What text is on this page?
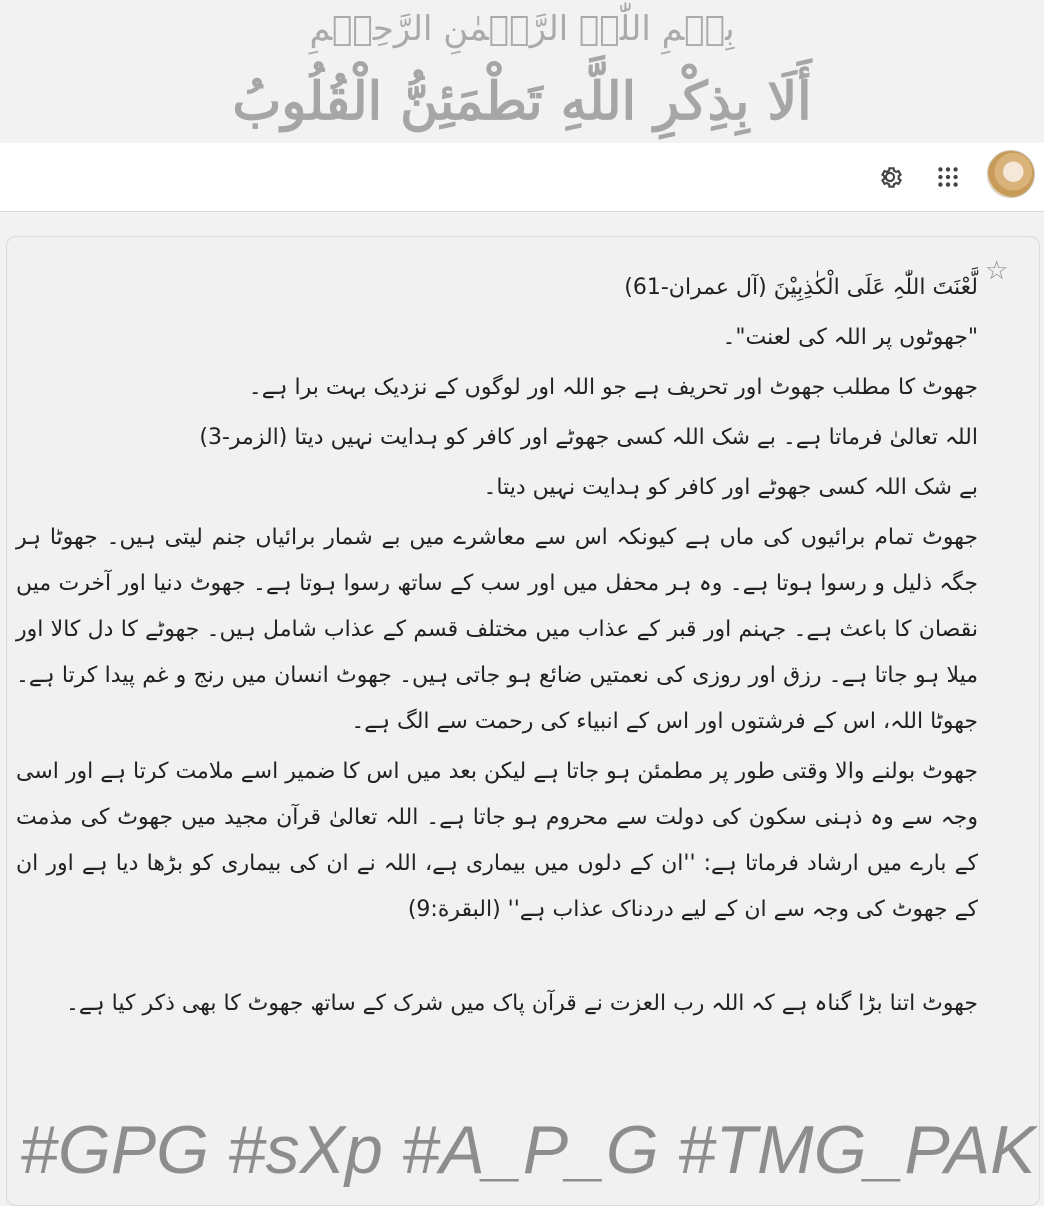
بِسۡمِ اللّٰہِ الرَّحۡمٰنِ الرَّحِیۡمِ
أَلَا بِذِكْرِ اللَّهِ تَطْمَئِنُّ الْقُلُوبُ
☆
لَّعْنَتَ اللّٰہِ عَلَی الْکٰذِبِیْنَ (آل عمران-61)
"جھوٹوں پر اللہ کی لعنت"۔
جھوٹ کا مطلب جھوٹ اور تحریف ہے جو اللہ اور لوگوں کے نزدیک بہت برا ہے۔
اللہ تعالیٰ فرماتا ہے۔ بے شک اللہ کسی جھوٹے اور کافر کو ہدایت نہیں دیتا (الزمر-3)
بے شک اللہ کسی جھوٹے اور کافر کو ہدایت نہیں دیتا۔
جھوٹ تمام برائیوں کی ماں ہے کیونکہ اس سے معاشرے میں بے شمار برائیاں جنم لیتی ہیں۔ جھوٹا ہر جگہ ذلیل و رسوا ہوتا ہے۔ وہ ہر محفل میں اور سب کے ساتھ رسوا ہوتا ہے۔ جھوٹ دنیا اور آخرت میں نقصان کا باعث ہے۔ جہنم اور قبر کے عذاب میں مختلف قسم کے عذاب شامل ہیں۔ جھوٹے کا دل کالا اور میلا ہو جاتا ہے۔ رزق اور روزی کی نعمتیں ضائع ہو جاتی ہیں۔ جھوٹ انسان میں رنج و غم پیدا کرتا ہے۔ جھوٹا اللہ، اس کے فرشتوں اور اس کے انبیاء کی رحمت سے الگ ہے۔
جھوٹ بولنے والا وقتی طور پر مطمئن ہو جاتا ہے لیکن بعد میں اس کا ضمیر اسے ملامت کرتا ہے اور اسی وجہ سے وہ ذہنی سکون کی دولت سے محروم ہو جاتا ہے۔ اللہ تعالیٰ قرآن مجید میں جھوٹ کی مذمت کے بارے میں ارشاد فرماتا ہے: ''ان کے دلوں میں بیماری ہے، اللہ نے ان کی بیماری کو بڑھا دیا ہے اور ان کے جھوٹ کی وجہ سے ان کے لیے دردناک عذاب ہے'' (البقرة:9)
جھوٹ اتنا بڑا گناہ ہے کہ اللہ رب العزت نے قرآن پاک میں شرک کے ساتھ جھوٹ کا بھی ذکر کیا ہے۔
#GPG #sXp #A_P_G #TMG_PAK
